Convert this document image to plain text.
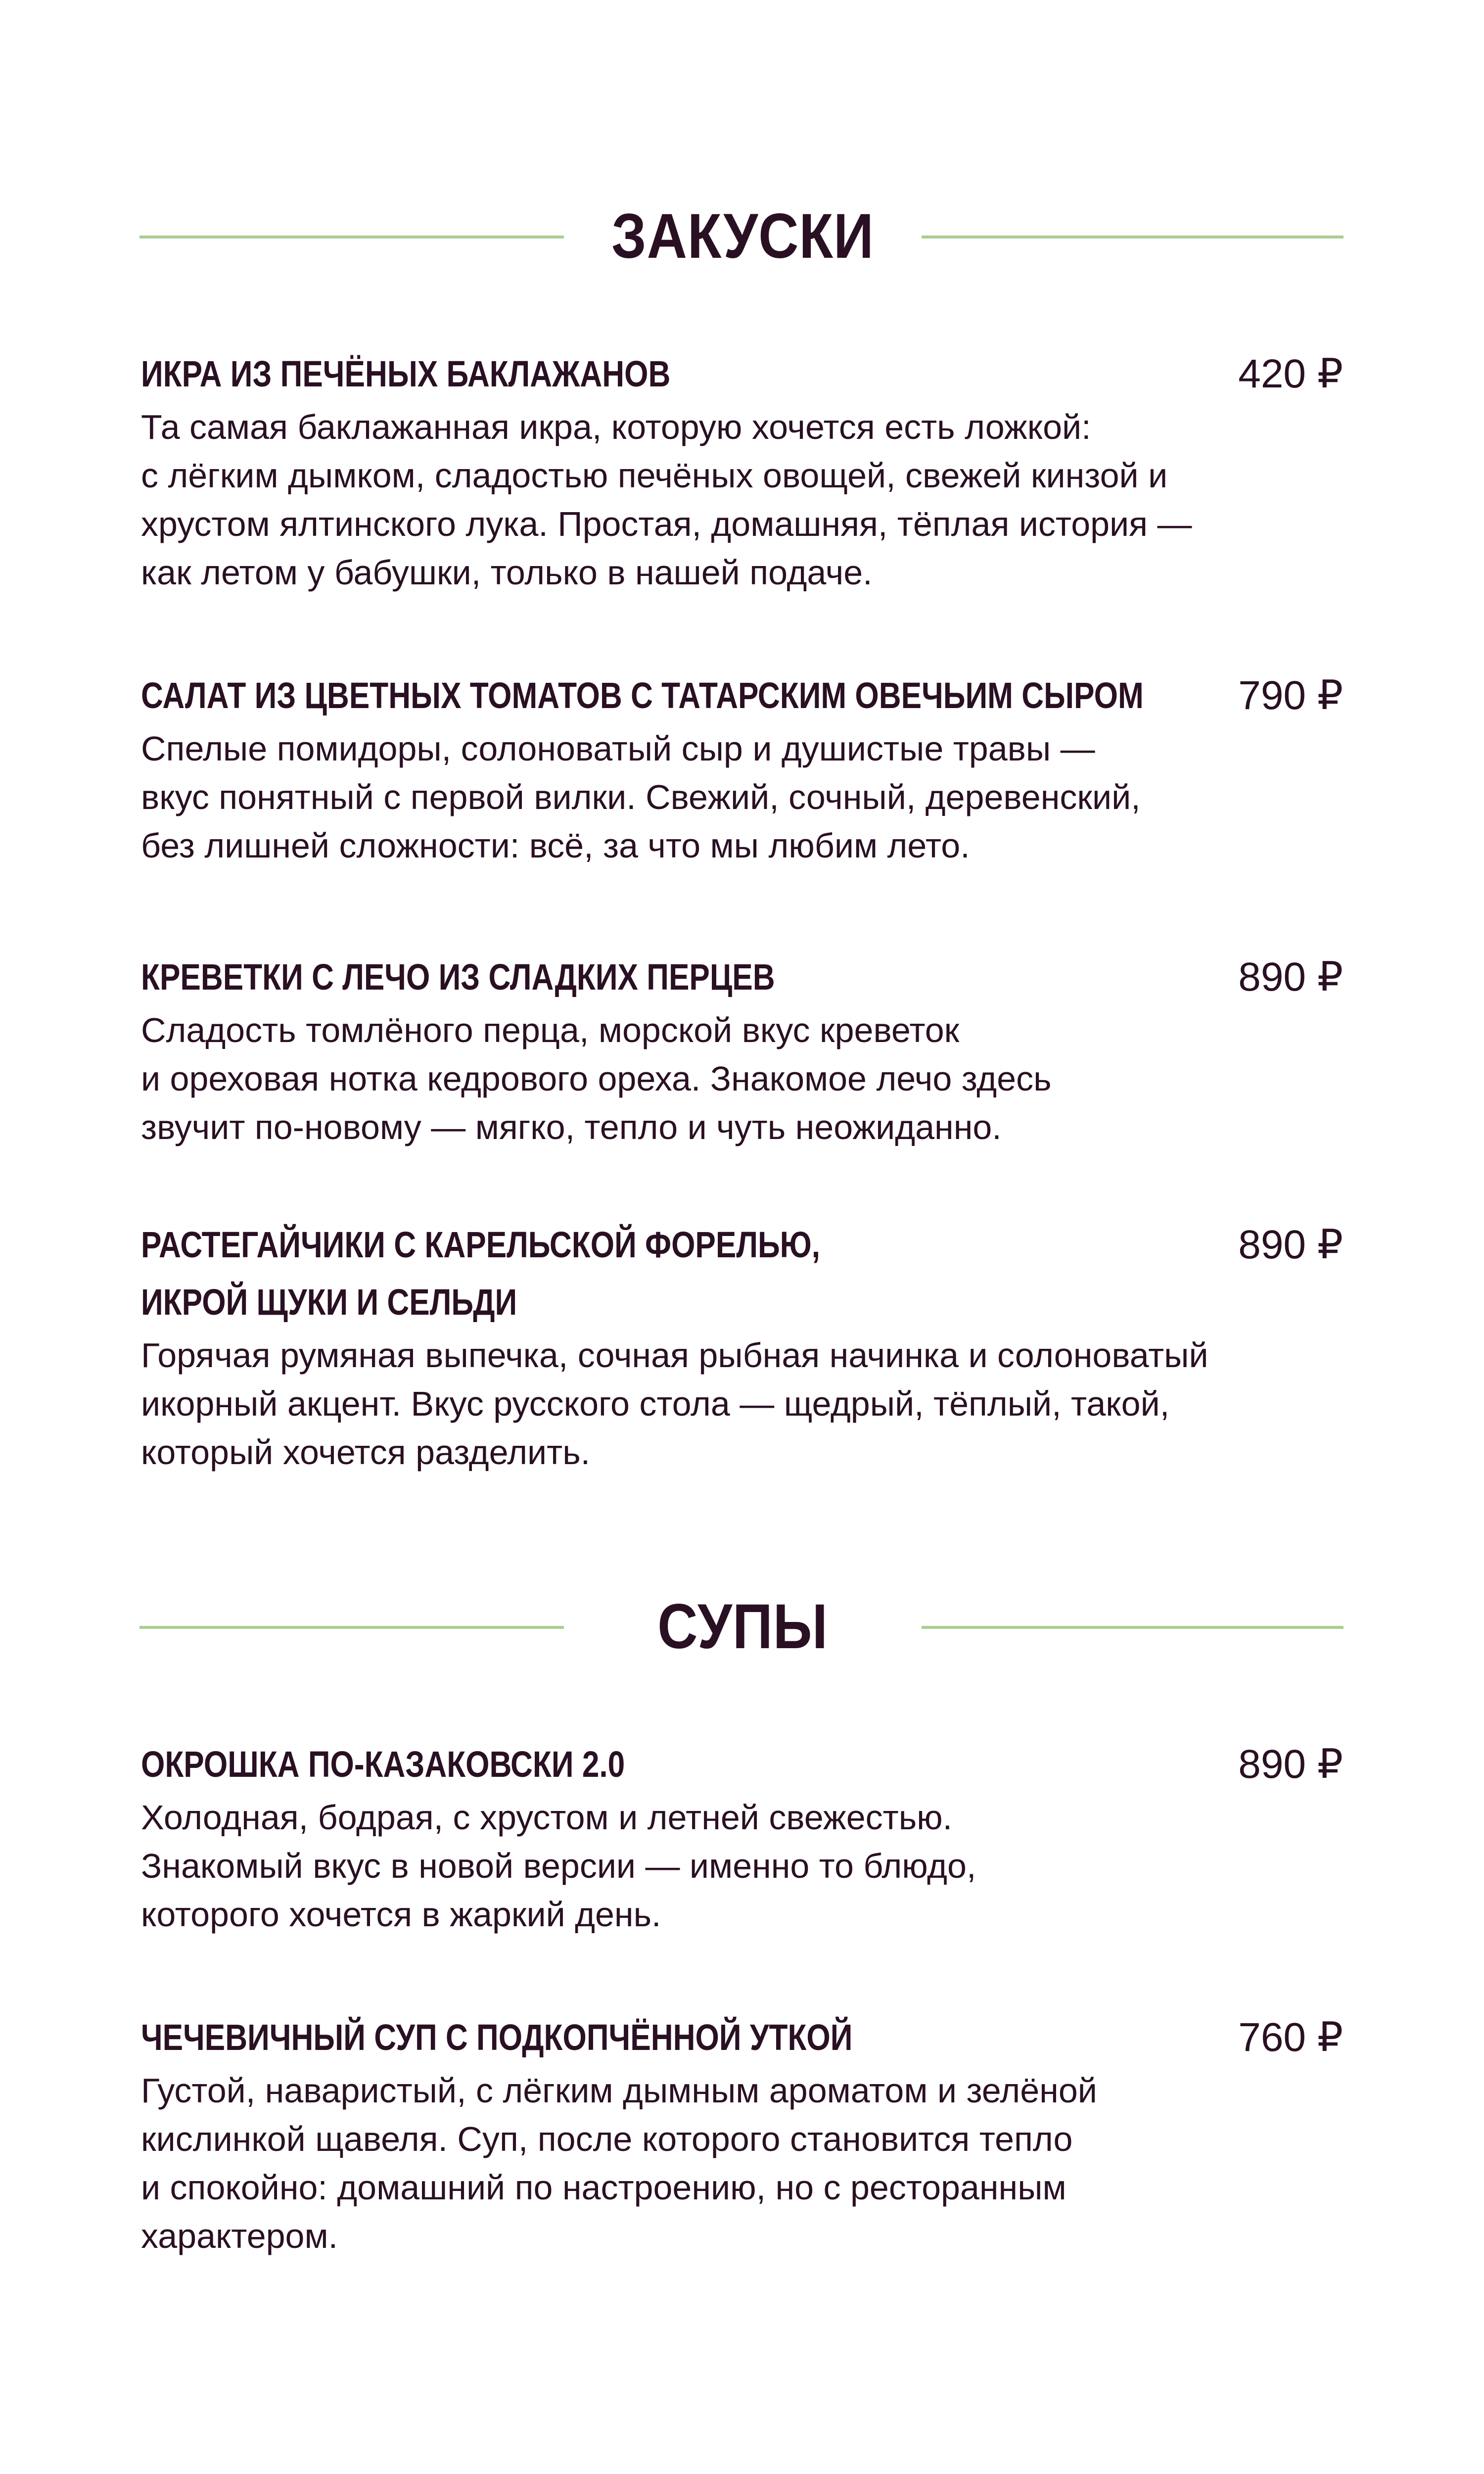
ЗАКУСКИ
ИКРА ИЗ ПЕЧЁНЫХ БАКЛАЖАНОВ	420 ₽
Та самая баклажанная икра, которую хочется есть ложкой:
с лёгким дымком, сладостью печёных овощей, свежей кинзой и
хрустом ялтинского лука. Простая, домашняя, тёплая история —
как летом у бабушки, только в нашей подаче.
САЛАТ ИЗ ЦВЕТНЫХ ТОМАТОВ С ТАТАРСКИМ ОВЕЧЬИМ СЫРОМ 790 ₽
Спелые помидоры, солоноватый сыр и душистые травы —
вкус понятный с первой вилки. Свежий, сочный, деревенский,
без лишней сложности: всё, за что мы любим лето.
КРЕВЕТКИ С ЛЕЧО ИЗ СЛАДКИХ ПЕРЦЕВ	890 ₽
Сладость томлёного перца, морской вкус креветок
и ореховая нотка кедрового ореха. Знакомое лечо здесь
звучит по-новому — мягко, тепло и чуть неожиданно.
РАСТЕГАЙЧИКИ С КАРЕЛЬСКОЙ ФОРЕЛЬЮ,
ИКРОЙ ЩУКИ И СЕЛЬДИ
890 ₽
Горячая румяная выпечка, сочная рыбная начинка и солоноватый
икорный акцент. Вкус русского стола — щедрый, тёплый, такой,
который хочется разделить.
СУПЫ
ОКРОШКА ПО-КАЗАКОВСКИ 2.0	890 ₽
Холодная, бодрая, с хрустом и летней свежестью.
Знакомый вкус в новой версии — именно то блюдо,
которого хочется в жаркий день.
ЧЕЧЕВИЧНЫЙ СУП С ПОДКОПЧЁННОЙ УТКОЙ	760 ₽
Густой, наваристый, с лёгким дымным ароматом и зелёной
кислинкой щавеля. Суп, после которого становится тепло
и спокойно: домашний по настроению, но с ресторанным
характером.
